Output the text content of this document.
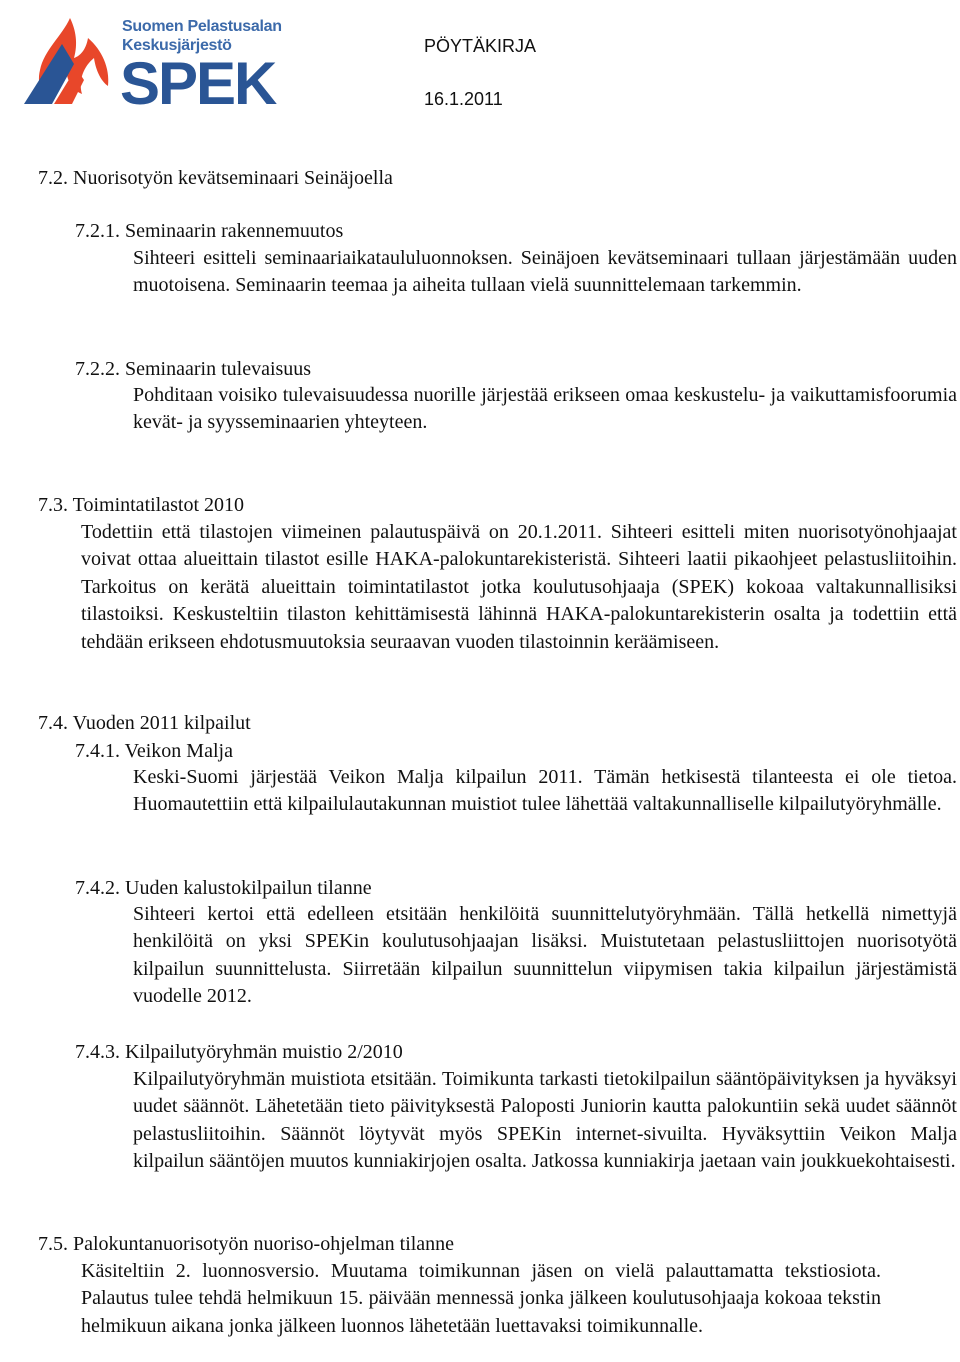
Suomen Pelastusalan
Keskusjärjestö
SPEK
PÖYTÄKIRJA
16.1.2011
7.2. Nuorisotyön kevätseminaari Seinäjoella
7.2.1. Seminaarin rakennemuutos
Sihteeri esitteli seminaariaikataululuonnoksen. Seinäjoen kevätseminaari tullaan järjestämään uuden muotoisena. Seminaarin teemaa ja aiheita tullaan vielä suunnittelemaan tarkemmin.
7.2.2. Seminaarin tulevaisuus
Pohditaan voisiko tulevaisuudessa nuorille järjestää erikseen omaa keskustelu- ja vaikuttamisfoorumia kevät- ja syysseminaarien yhteyteen.
7.3. Toimintatilastot 2010
Todettiin että tilastojen viimeinen palautuspäivä on 20.1.2011. Sihteeri esitteli miten nuorisotyönohjaajat voivat ottaa alueittain tilastot esille HAKA-palokuntarekisteristä. Sihteeri laatii pikaohjeet pelastusliitoihin. Tarkoitus on kerätä alueittain toimintatilastot jotka koulutusohjaaja (SPEK) kokoaa valtakunnallisiksi tilastoiksi. Keskusteltiin tilaston kehittämisestä lähinnä HAKA-palokuntarekisterin osalta ja todettiin että tehdään erikseen ehdotusmuutoksia seuraavan vuoden tilastoinnin keräämiseen.
7.4. Vuoden 2011 kilpailut
7.4.1. Veikon Malja
Keski-Suomi järjestää Veikon Malja kilpailun 2011. Tämän hetkisestä tilanteesta ei ole tietoa. Huomautettiin että kilpailulautakunnan muistiot tulee lähettää valtakunnalliselle kilpailutyöryhmälle.
7.4.2. Uuden kalustokilpailun tilanne
Sihteeri kertoi että edelleen etsitään henkilöitä suunnittelutyöryhmään. Tällä hetkellä nimettyjä henkilöitä on yksi SPEKin koulutusohjaajan lisäksi. Muistutetaan pelastusliittojen nuorisotyötä kilpailun suunnittelusta. Siirretään kilpailun suunnittelun viipymisen takia kilpailun järjestämistä vuodelle 2012.
7.4.3. Kilpailutyöryhmän muistio 2/2010
Kilpailutyöryhmän muistiota etsitään. Toimikunta tarkasti tietokilpailun sääntöpäivityksen ja hyväksyi uudet säännöt. Lähetetään tieto päivityksestä Paloposti Juniorin kautta palokuntiin sekä uudet säännöt pelastusliitoihin. Säännöt löytyvät myös SPEKin internet-sivuilta. Hyväksyttiin Veikon Malja kilpailun sääntöjen muutos kunniakirjojen osalta. Jatkossa kunniakirja jaetaan vain joukkuekohtaisesti.
7.5. Palokuntanuorisotyön nuoriso-ohjelman tilanne
Käsiteltiin 2. luonnosversio. Muutama toimikunnan jäsen on vielä palauttamatta tekstiosiota. Palautus tulee tehdä helmikuun 15. päivään mennessä jonka jälkeen koulutusohjaaja kokoaa tekstin helmikuun aikana jonka jälkeen luonnos lähetetään luettavaksi toimikunnalle.
